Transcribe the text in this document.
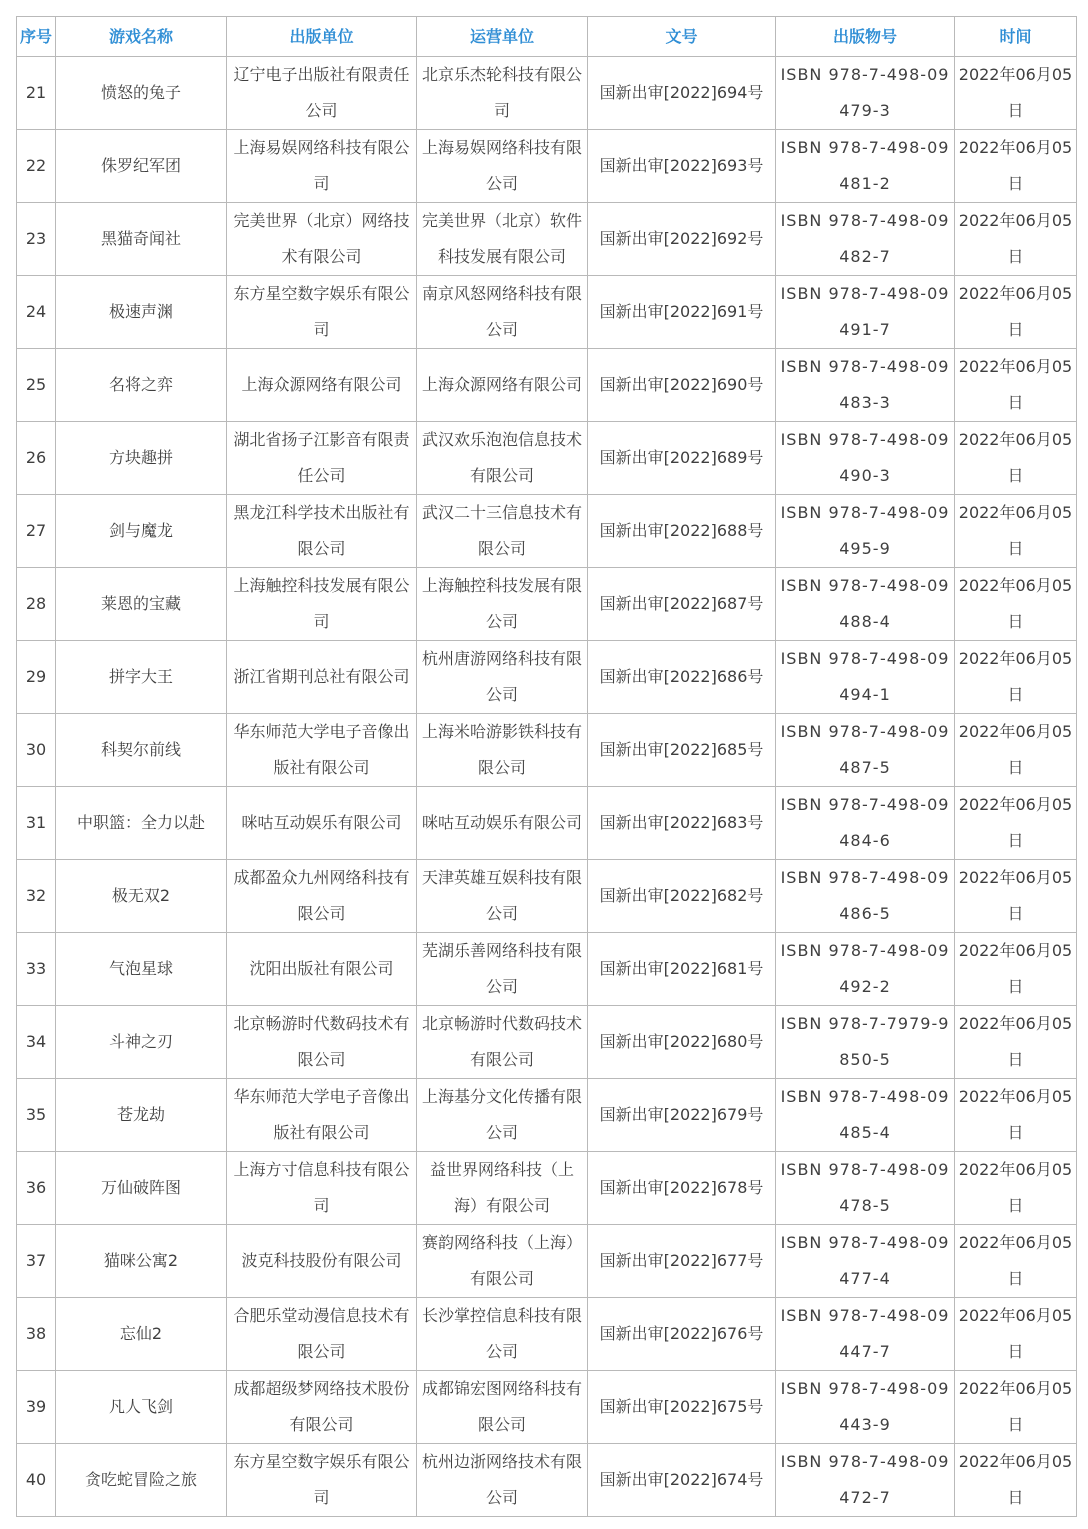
序号	游戏名称	出版单位	运营单位	文号	出版物号	时间
21	愤怒的兔子	辽宁电子出版社有限责任公司	北京乐杰轮科技有限公司	国新出审[2022]694号	ISBN 978-7-498-09479-3	2022年06月05日
22	侏罗纪军团	上海易娱网络科技有限公司	上海易娱网络科技有限公司	国新出审[2022]693号	ISBN 978-7-498-09481-2	2022年06月05日
23	黑猫奇闻社	完美世界（北京）网络技术有限公司	完美世界（北京）软件科技发展有限公司	国新出审[2022]692号	ISBN 978-7-498-09482-7	2022年06月05日
24	极速声渊	东方星空数字娱乐有限公司	南京风怒网络科技有限公司	国新出审[2022]691号	ISBN 978-7-498-09491-7	2022年06月05日
25	名将之弈	上海众源网络有限公司	上海众源网络有限公司	国新出审[2022]690号	ISBN 978-7-498-09483-3	2022年06月05日
26	方块趣拼	湖北省扬子江影音有限责任公司	武汉欢乐泡泡信息技术有限公司	国新出审[2022]689号	ISBN 978-7-498-09490-3	2022年06月05日
27	剑与魔龙	黑龙江科学技术出版社有限公司	武汉二十三信息技术有限公司	国新出审[2022]688号	ISBN 978-7-498-09495-9	2022年06月05日
28	莱恩的宝藏	上海触控科技发展有限公司	上海触控科技发展有限公司	国新出审[2022]687号	ISBN 978-7-498-09488-4	2022年06月05日
29	拼字大王	浙江省期刊总社有限公司	杭州唐游网络科技有限公司	国新出审[2022]686号	ISBN 978-7-498-09494-1	2022年06月05日
30	科契尔前线	华东师范大学电子音像出版社有限公司	上海米哈游影铁科技有限公司	国新出审[2022]685号	ISBN 978-7-498-09487-5	2022年06月05日
31	中职篮：全力以赴	咪咕互动娱乐有限公司	咪咕互动娱乐有限公司	国新出审[2022]683号	ISBN 978-7-498-09484-6	2022年06月05日
32	极无双2	成都盈众九州网络科技有限公司	天津英雄互娱科技有限公司	国新出审[2022]682号	ISBN 978-7-498-09486-5	2022年06月05日
33	气泡星球	沈阳出版社有限公司	芜湖乐善网络科技有限公司	国新出审[2022]681号	ISBN 978-7-498-09492-2	2022年06月05日
34	斗神之刃	北京畅游时代数码技术有限公司	北京畅游时代数码技术有限公司	国新出审[2022]680号	ISBN 978-7-7979-9850-5	2022年06月05日
35	苍龙劫	华东师范大学电子音像出版社有限公司	上海基分文化传播有限公司	国新出审[2022]679号	ISBN 978-7-498-09485-4	2022年06月05日
36	万仙破阵图	上海方寸信息科技有限公司	益世界网络科技（上海）有限公司	国新出审[2022]678号	ISBN 978-7-498-09478-5	2022年06月05日
37	猫咪公寓2	波克科技股份有限公司	赛韵网络科技（上海）有限公司	国新出审[2022]677号	ISBN 978-7-498-09477-4	2022年06月05日
38	忘仙2	合肥乐堂动漫信息技术有限公司	长沙掌控信息科技有限公司	国新出审[2022]676号	ISBN 978-7-498-09447-7	2022年06月05日
39	凡人飞剑	成都超级梦网络技术股份有限公司	成都锦宏图网络科技有限公司	国新出审[2022]675号	ISBN 978-7-498-09443-9	2022年06月05日
40	贪吃蛇冒险之旅	东方星空数字娱乐有限公司	杭州边浙网络技术有限公司	国新出审[2022]674号	ISBN 978-7-498-09472-7	2022年06月05日
